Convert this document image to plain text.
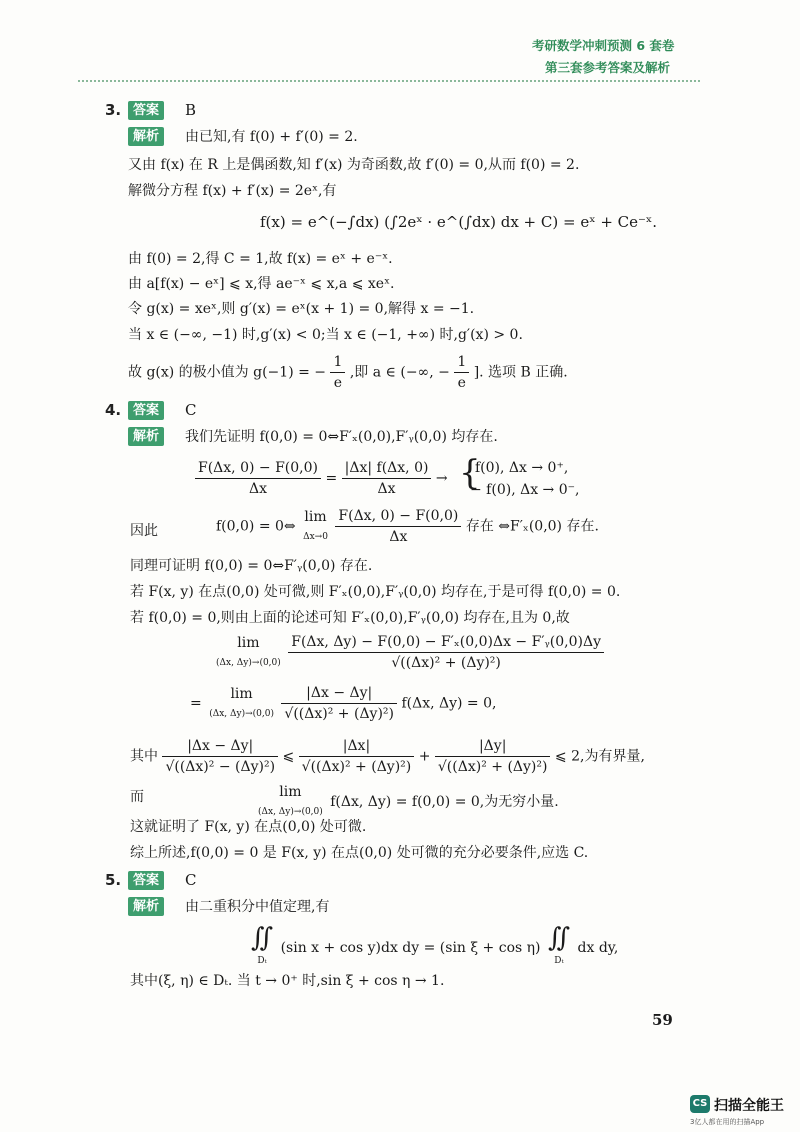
考研数学冲刺预测 6 套卷
第三套参考答案及解析
3. 答案	B
解析	由已知,有 f(0) + f′(0) = 2.
又由 f(x) 在 R 上是偶函数,知 f′(x) 为奇函数,故 f′(0) = 0,从而 f(0) = 2.
解微分方程 f(x) + f′(x) = 2eˣ,有
f(x) = e^(−∫dx) (∫2eˣ · e^(∫dx) dx + C) = eˣ + Ce⁻ˣ.
由 f(0) = 2,得 C = 1,故 f(x) = eˣ + e⁻ˣ.
由 a[f(x) − eˣ] ⩽ x,得 ae⁻ˣ ⩽ x,a ⩽ xeˣ.
令 g(x) = xeˣ,则 g′(x) = eˣ(x + 1) = 0,解得 x = −1.
当 x ∈ (−∞, −1) 时,g′(x) < 0;当 x ∈ (−1, +∞) 时,g′(x) > 0.
故 g(x) 的极小值为 g(−1) = − $\frac{1}{e}$ ,即 a ∈ (−∞, − $\frac{1}{e}$ ]. 选项 B 正确.
4. 答案	C
解析	我们先证明 f(0,0) = 0⇔F′ₓ(0,0),F′ᵧ(0,0) 均存在.
$\frac{F(\Delta x, 0) - F(0,0)}{\Delta x} = \frac{|\Delta x| f(\Delta x, 0)}{\Delta x}$ → {
f(0), Δx → 0⁺,
− f(0), Δx → 0⁻,
因此	f(0,0) = 0⇔
lim
Δx→0
$\frac{F(\Delta x, 0) - F(0,0)}{\Delta x}$ 存在 ⇔F′ₓ(0,0) 存在.
同理可证明 f(0,0) = 0⇔F′ᵧ(0,0) 存在.
若 F(x, y) 在点(0,0) 处可微,则 F′ₓ(0,0),F′ᵧ(0,0) 均存在,于是可得 f(0,0) = 0.
若 f(0,0) = 0,则由上面的论述可知 F′ₓ(0,0),F′ᵧ(0,0) 均存在,且为 0,故
lim
(Δx, Δy)→(0,0)
$\frac{\text{F(Δx, Δy) − F(0,0) − F′ₓ(0,0)Δx − F′ᵧ(0,0)Δy}}{\text{√((Δx)² + (Δy)²)}}$
=
lim
(Δx, Δy)→(0,0)
$\frac{|\Delta x - \Delta y|}{\text{√((Δx)² + (Δy)²)}} f(\Delta x$, Δy) = 0,
其中 $\frac{|\Delta x - \Delta y|}{\text{√((Δx)² − (Δy)²)}}$ ⩽ $\frac{|\Delta x|}{\text{√((Δx)² + (Δy)²)}} + \frac{|\Delta y|}{\text{√((Δx)² + (Δy)²)}}$ ⩽ 2,为有界量,
而	lim
(Δx, Δy)→(0,0)
f(Δx, Δy) = f(0,0) = 0,为无穷小量.
这就证明了 F(x, y) 在点(0,0) 处可微.
综上所述,f(0,0) = 0 是 F(x, y) 在点(0,0) 处可微的充分必要条件,应选 C.
5. 答案	C
解析	由二重积分中值定理,有
∬
Dₜ
(sin x + cos y)dx dy = (sin ξ + cos η) ∬
Dₜ
dx dy,
其中(ξ, η) ∈ Dₜ. 当 t → 0⁺ 时,sin ξ + cos η → 1.
59
CS 扫描全能王
3亿人都在用的扫描App
